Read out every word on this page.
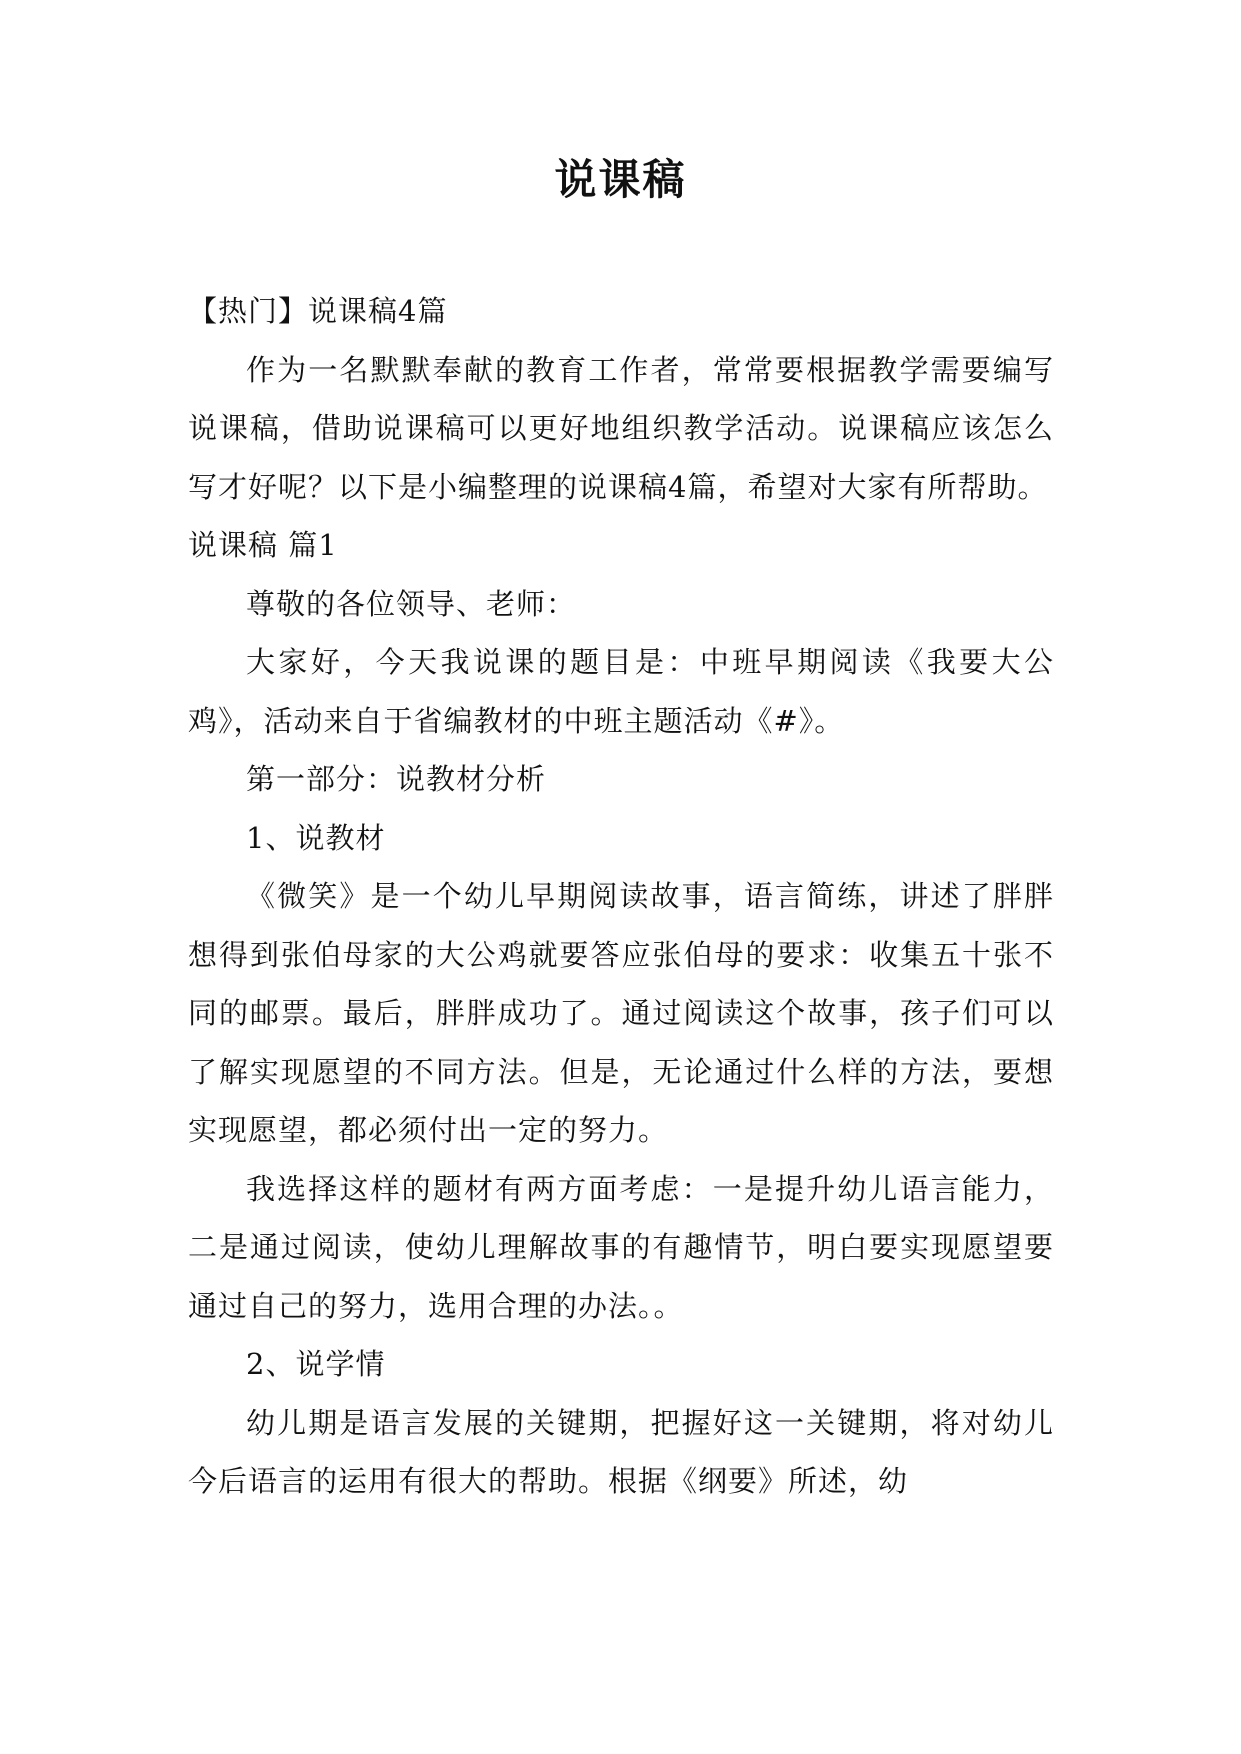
说课稿

【热门】说课稿4篇

作为一名默默奉献的教育工作者，常常要根据教学需要编写说课稿，借助说课稿可以更好地组织教学活动。说课稿应该怎么写才好呢？以下是小编整理的说课稿4篇，希望对大家有所帮助。

说课稿 篇1

尊敬的各位领导、老师：

大家好，今天我说课的题目是：中班早期阅读《我要大公鸡》，活动来自于省编教材的中班主题活动《#》。

第一部分：说教材分析

1、说教材

《微笑》是一个幼儿早期阅读故事，语言简练，讲述了胖胖想得到张伯母家的大公鸡就要答应张伯母的要求：收集五十张不同的邮票。最后，胖胖成功了。通过阅读这个故事，孩子们可以了解实现愿望的不同方法。但是，无论通过什么样的方法，要想实现愿望，都必须付出一定的努力。

我选择这样的题材有两方面考虑：一是提升幼儿语言能力，二是通过阅读，使幼儿理解故事的有趣情节，明白要实现愿望要通过自己的努力，选用合理的办法。。

2、说学情

幼儿期是语言发展的关键期，把握好这一关键期，将对幼儿今后语言的运用有很大的帮助。根据《纲要》所述，幼
